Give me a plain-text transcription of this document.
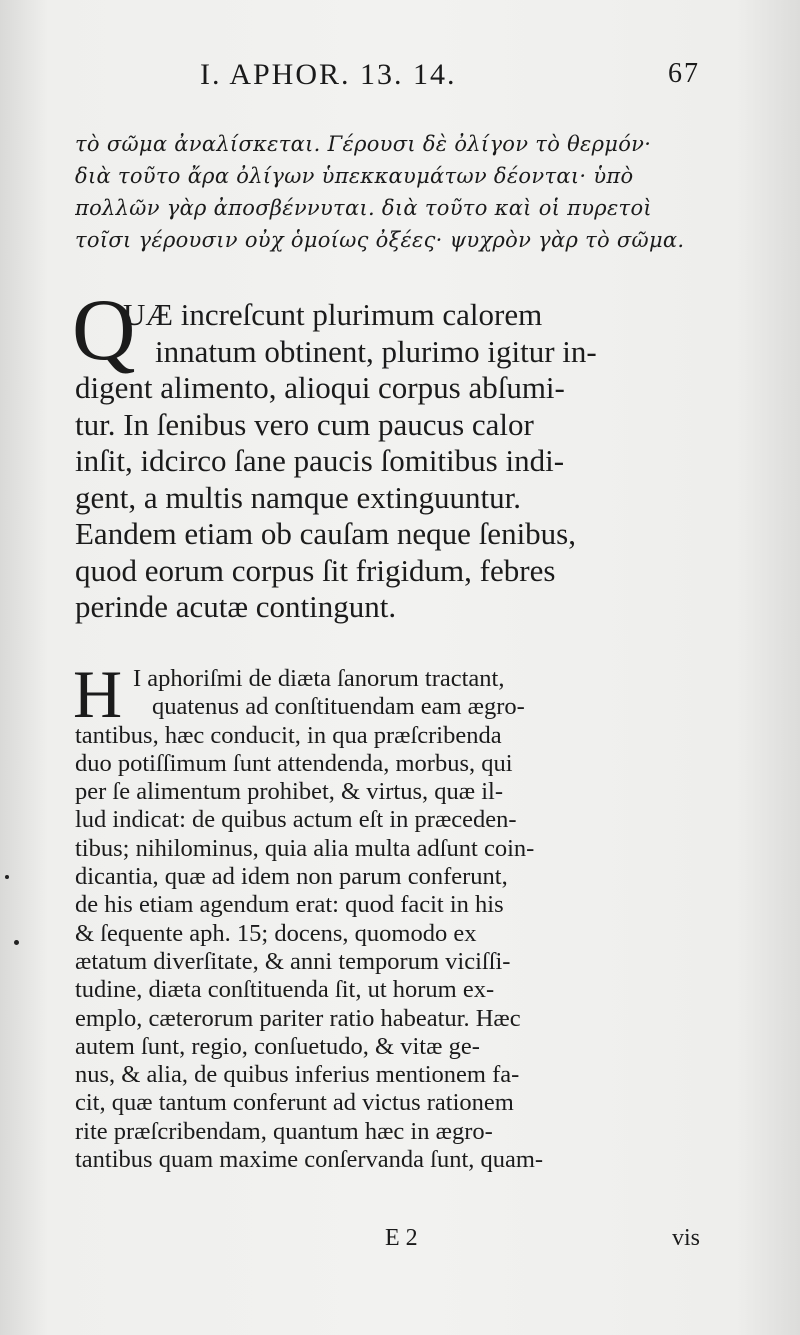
I. APHOR. 13. 14.	67
τὸ σῶμα ἀναλίσκεται. Γέρουσι δὲ ὀλίγον τὸ θερμόν·
διὰ τοῦτο ἄρα ὀλίγων ὑπεκκαυμάτων δέονται· ὑπὸ
πολλῶν γὰρ ἀποσβέννυται. διὰ τοῦτο καὶ οἱ πυρετοὶ
τοῖσι γέρουσιν οὐχ ὁμοίως ὀξέες· ψυχρὸν γὰρ τὸ σῶμα.
Q
UÆ increſcunt plurimum calorem
innatum obtinent, plurimo igitur in-
digent alimento, alioqui corpus abſumi-
tur. In ſenibus vero cum paucus calor
inſit, idcirco ſane paucis ſomitibus indi-
gent, a multis namque extinguuntur.
Eandem etiam ob cauſam neque ſenibus,
quod eorum corpus ſit frigidum, febres
perinde acutæ contingunt.
H I aphoriſmi de diæta ſanorum tractant,
quatenus ad conſtituendam eam ægro-
tantibus, hæc conducit, in qua præſcribenda
duo potiſſimum ſunt attendenda, morbus, qui
per ſe alimentum prohibet, & virtus, quæ il-
lud indicat: de quibus actum eſt in præceden-
tibus; nihilominus, quia alia multa adſunt coin-
dicantia, quæ ad idem non parum conferunt,
de his etiam agendum erat: quod facit in his
& ſequente aph. 15; docens, quomodo ex
ætatum diverſitate, & anni temporum viciſſi-
tudine, diæta conſtituenda ſit, ut horum ex-
emplo, cæterorum pariter ratio habeatur. Hæc
autem ſunt, regio, conſuetudo, & vitæ ge-
nus, & alia, de quibus inferius mentionem fa-
cit, quæ tantum conferunt ad victus rationem
rite præſcribendam, quantum hæc in ægro-
tantibus quam maxime conſervanda ſunt, quam-
E 2	vis
